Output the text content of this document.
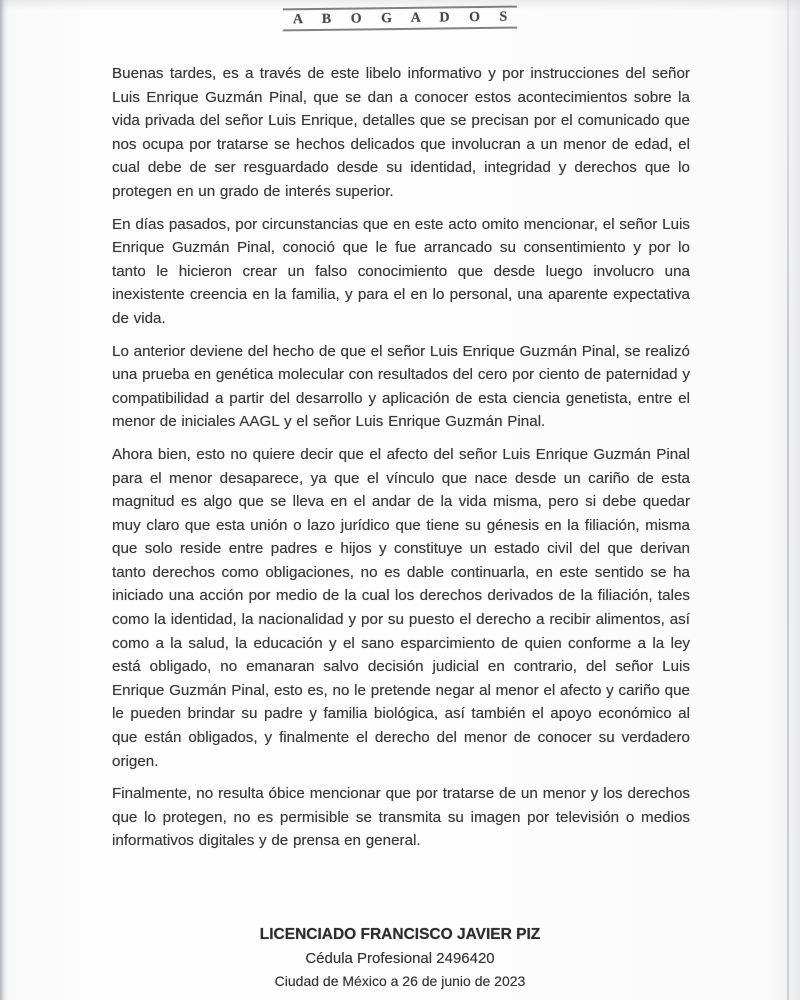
A B O G A D O S

Buenas tardes, es a través de este libelo informativo y por instrucciones del señor Luis Enrique Guzmán Pinal, que se dan a conocer estos acontecimientos sobre la vida privada del señor Luis Enrique, detalles que se precisan por el comunicado que nos ocupa por tratarse se hechos delicados que involucran a un menor de edad, el cual debe de ser resguardado desde su identidad, integridad y derechos que lo protegen en un grado de interés superior.

En días pasados, por circunstancias que en este acto omito mencionar, el señor Luis Enrique Guzmán Pinal, conoció que le fue arrancado su consentimiento y por lo tanto le hicieron crear un falso conocimiento que desde luego involucro una inexistente creencia en la familia, y para el en lo personal, una aparente expectativa de vida.

Lo anterior deviene del hecho de que el señor Luis Enrique Guzmán Pinal, se realizó una prueba en genética molecular con resultados del cero por ciento de paternidad y compatibilidad a partir del desarrollo y aplicación de esta ciencia genetista, entre el menor de iniciales AAGL y el señor Luis Enrique Guzmán Pinal.

Ahora bien, esto no quiere decir que el afecto del señor Luis Enrique Guzmán Pinal para el menor desaparece, ya que el vínculo que nace desde un cariño de esta magnitud es algo que se lleva en el andar de la vida misma, pero si debe quedar muy claro que esta unión o lazo jurídico que tiene su génesis en la filiación, misma que solo reside entre padres e hijos y constituye un estado civil del que derivan tanto derechos como obligaciones, no es dable continuarla, en este sentido se ha iniciado una acción por medio de la cual los derechos derivados de la filiación, tales como la identidad, la nacionalidad y por su puesto el derecho a recibir alimentos, así como a la salud, la educación y el sano esparcimiento de quien conforme a la ley está obligado, no emanaran salvo decisión judicial en contrario, del señor Luis Enrique Guzmán Pinal, esto es, no le pretende negar al menor el afecto y cariño que le pueden brindar su padre y familia biológica, así también el apoyo económico al que están obligados, y finalmente el derecho del menor de conocer su verdadero origen.

Finalmente, no resulta óbice mencionar que por tratarse de un menor y los derechos que lo protegen, no es permisible se transmita su imagen por televisión o medios informativos digitales y de prensa en general.

LICENCIADO FRANCISCO JAVIER PIZ
Cédula Profesional 2496420
Ciudad de México a 26 de junio de 2023
